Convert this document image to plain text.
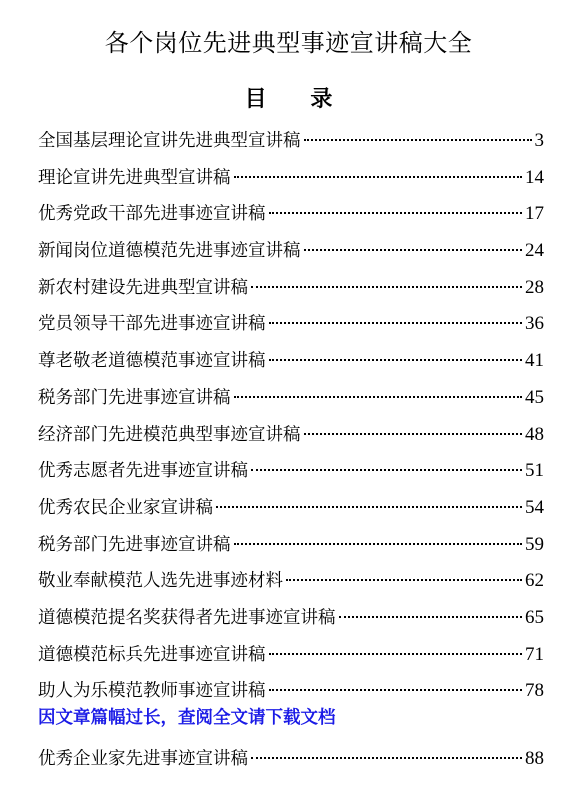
各个岗位先进典型事迹宣讲稿大全
目 录
全国基层理论宣讲先进典型宣讲稿	3
理论宣讲先进典型宣讲稿	14
优秀党政干部先进事迹宣讲稿	17
新闻岗位道德模范先进事迹宣讲稿	24
新农村建设先进典型宣讲稿	28
党员领导干部先进事迹宣讲稿	36
尊老敬老道德模范事迹宣讲稿	41
税务部门先进事迹宣讲稿	45
经济部门先进模范典型事迹宣讲稿	48
优秀志愿者先进事迹宣讲稿	51
优秀农民企业家宣讲稿	54
税务部门先进事迹宣讲稿	59
敬业奉献模范人选先进事迹材料	62
道德模范提名奖获得者先进事迹宣讲稿	65
道德模范标兵先进事迹宣讲稿	71
助人为乐模范教师事迹宣讲稿	78
因文章篇幅过长，查阅全文请下载文档
优秀企业家先进事迹宣讲稿	88
